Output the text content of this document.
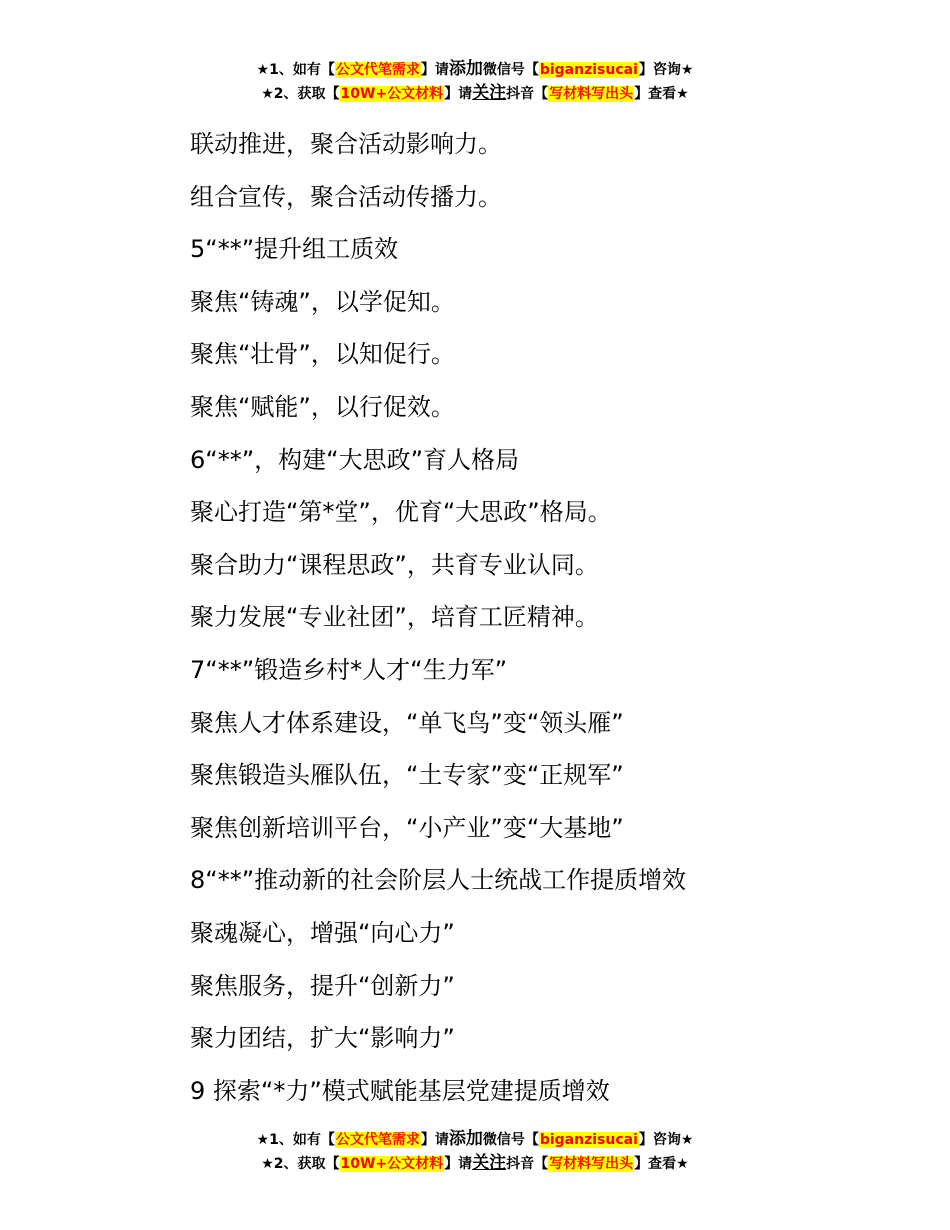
★1、如有【公文代笔需求】请添加微信号【biganzisucai】咨询★
★2、获取【10W+公文材料】请关注抖音【写材料写出头】查看★
联动推进，聚合活动影响力。
组合宣传，聚合活动传播力。
5“**”提升组工质效
聚焦“铸魂”，以学促知。
聚焦“壮骨”，以知促行。
聚焦“赋能”，以行促效。
6“**”，构建“大思政”育人格局
聚心打造“第*堂”，优育“大思政”格局。
聚合助力“课程思政”，共育专业认同。
聚力发展“专业社团”，培育工匠精神。
7“**”锻造乡村*人才“生力军”
聚焦人才体系建设，“单飞鸟”变“领头雁”
聚焦锻造头雁队伍，“土专家”变“正规军”
聚焦创新培训平台，“小产业”变“大基地”
8“**”推动新的社会阶层人士统战工作提质增效
聚魂凝心，增强“向心力”
聚焦服务，提升“创新力”
聚力团结，扩大“影响力”
9 探索“*力”模式赋能基层党建提质增效
★1、如有【公文代笔需求】请添加微信号【biganzisucai】咨询★
★2、获取【10W+公文材料】请关注抖音【写材料写出头】查看★
